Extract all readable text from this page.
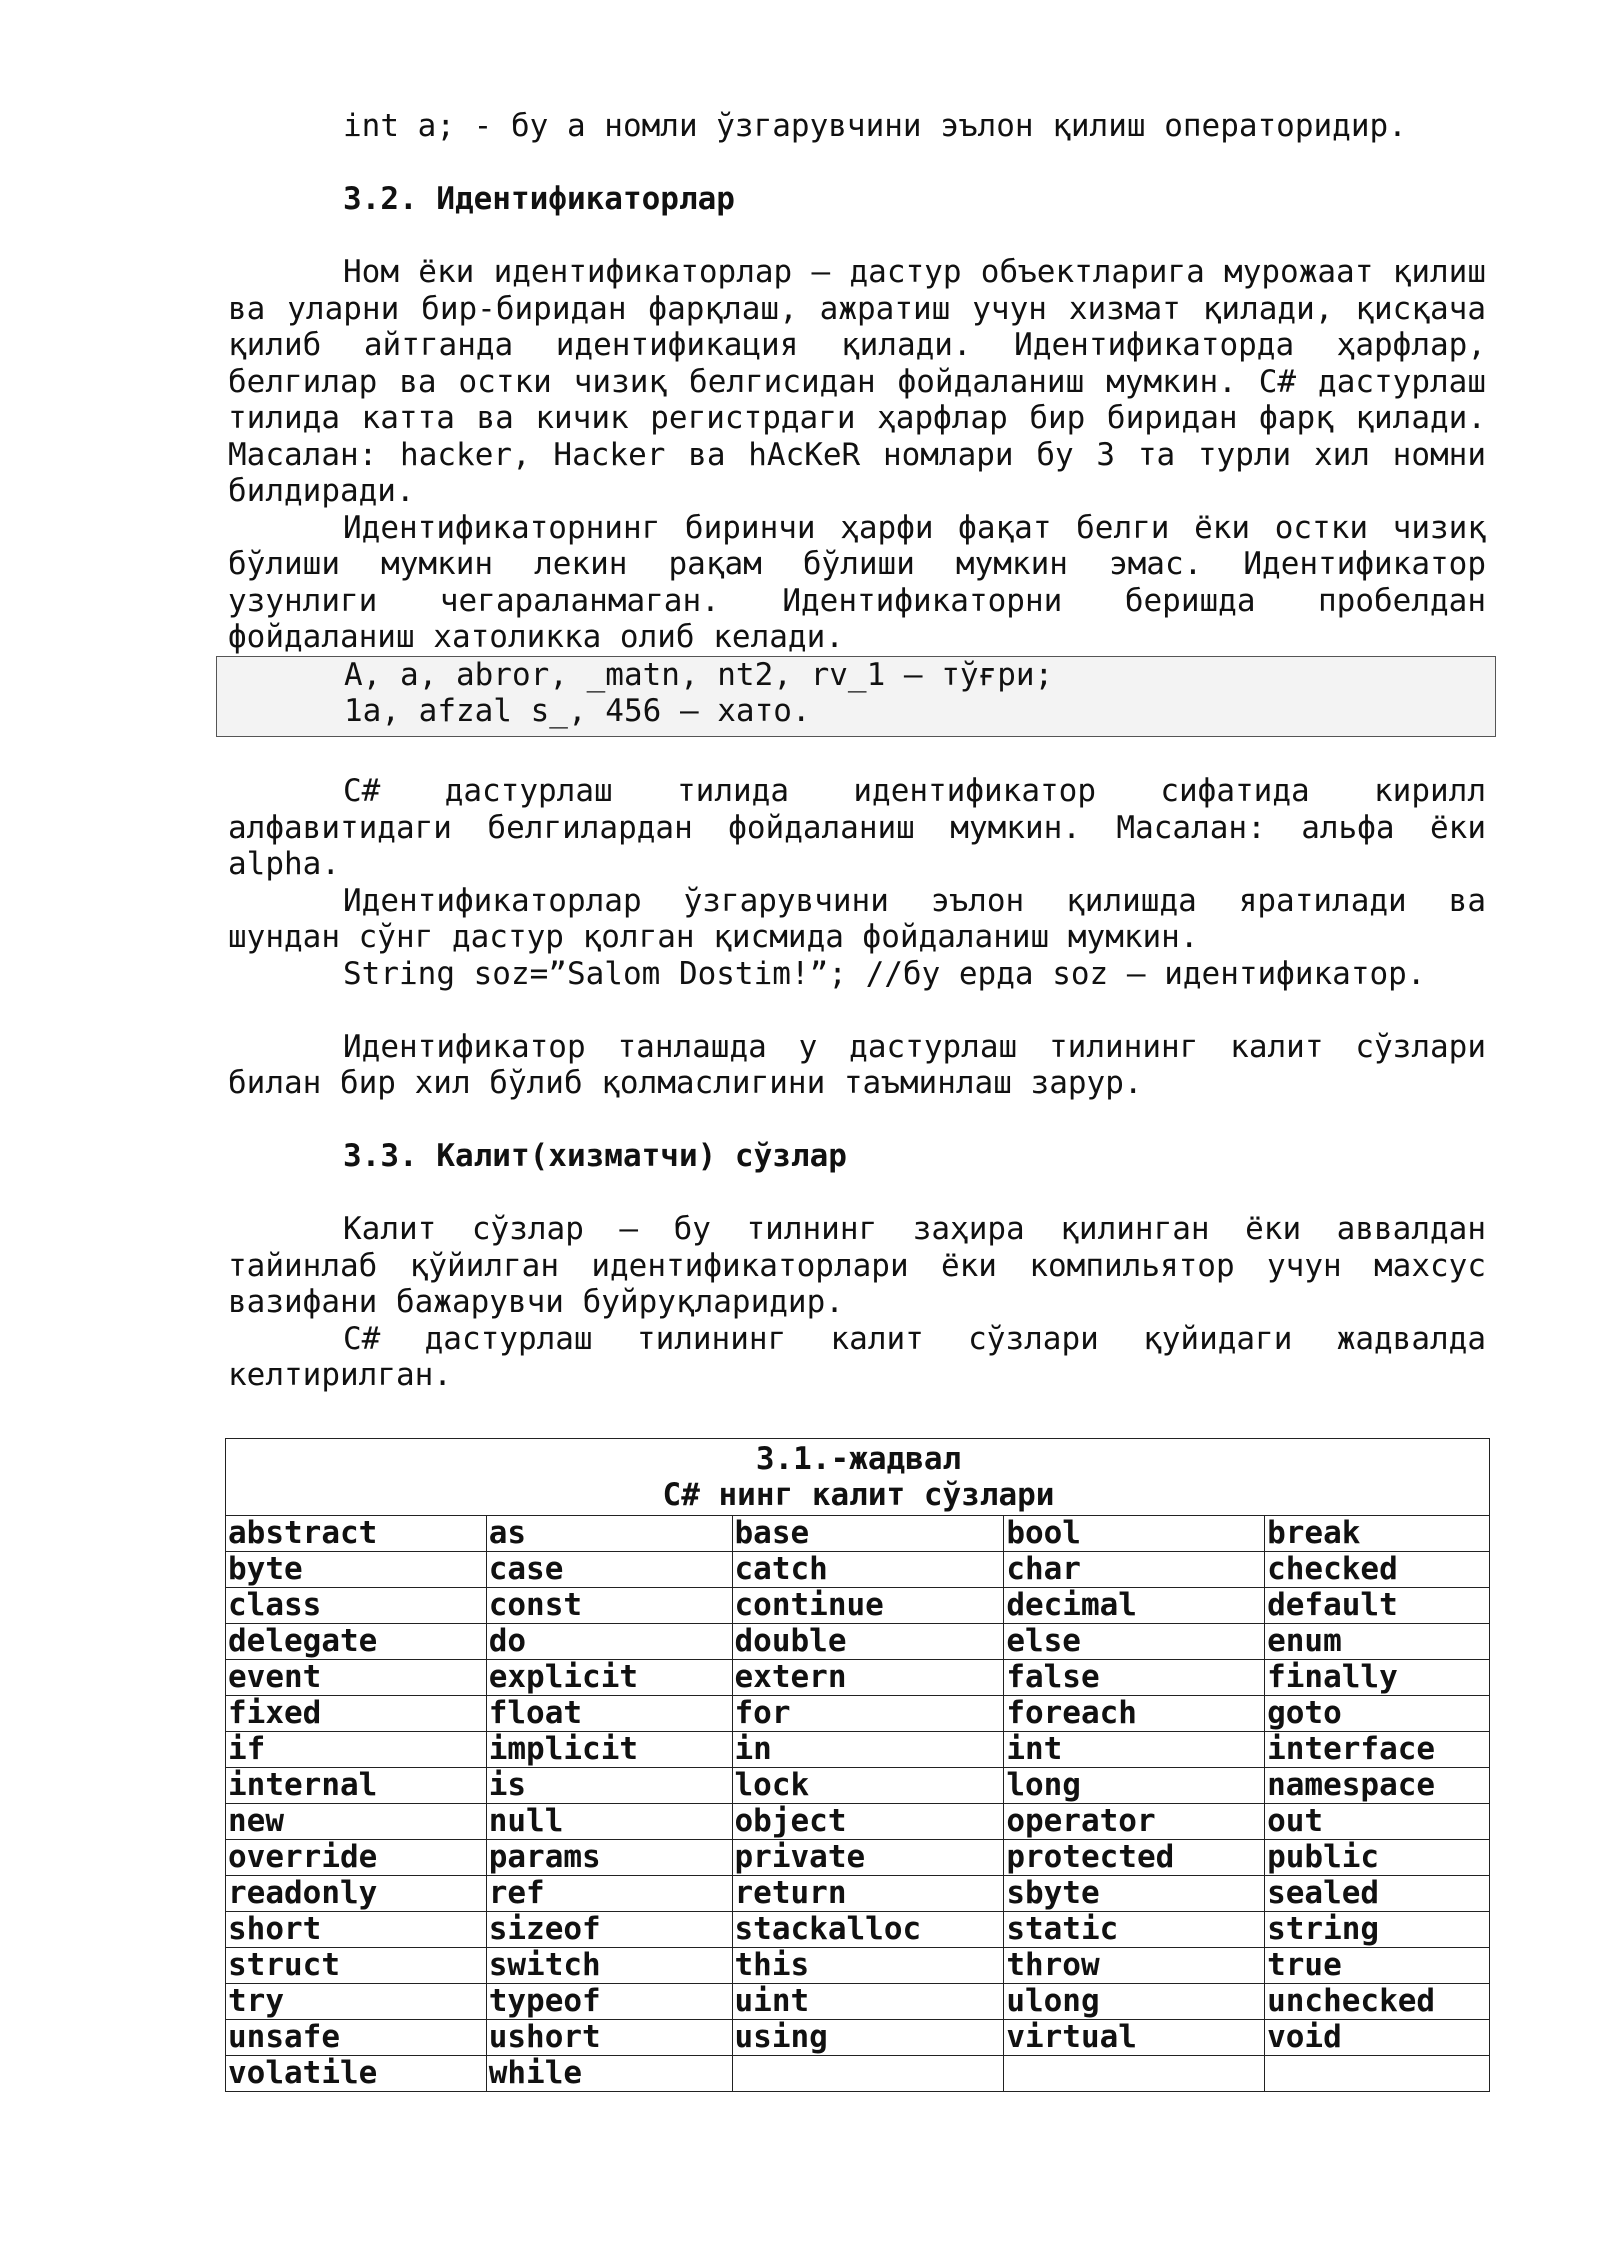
int a; - бу a номли ўзгарувчини эълон қилиш операторидир.

3.2. Идентификаторлар

Ном ёки идентификаторлар – дастур объектларига мурожаат қилиш ва уларни бир-биридан фарқлаш, ажратиш учун хизмат қилади, қисқача қилиб айтганда идентификация қилади. Идентификаторда ҳарфлар, белгилар ва остки чизиқ белгисидан фойдаланиш мумкин. C# дастурлаш тилида катта ва кичик регистрдаги ҳарфлар бир биридан фарқ қилади. Масалан: hacker, Hacker ва hAcKeR номлари бу 3 та турли хил номни билдиради.

Идентификаторнинг биринчи ҳарфи фақат белги ёки остки чизиқ бўлиши мумкин лекин рақам бўлиши мумкин эмас. Идентификатор узунлиги чегараланмаган. Идентификаторни беришда пробелдан фойдаланиш хатоликка олиб келади.

A, a, abror, _matn, nt2, rv_1 – тўғри;
1a, afzal s_, 456 – хато.

C# дастурлаш тилида идентификатор сифатида кирилл алфавитидаги белгилардан фойдаланиш мумкин. Масалан: альфа ёки alpha.

Идентификаторлар ўзгарувчини эълон қилишда яратилади ва шундан сўнг дастур қолган қисмида фойдаланиш мумкин.

String soz=”Salom Dostim!”; //бу ерда soz – идентификатор.

Идентификатор танлашда у дастурлаш тилининг калит сўзлари билан бир хил бўлиб қолмаслигини таъминлаш зарур.

3.3. Калит(хизматчи) сўзлар

Калит сўзлар – бу тилнинг заҳира қилинган ёки аввалдан тайинлаб қўйилган идентификаторлари ёки компильятор учун махсус вазифани бажарувчи буйруқларидир.

C# дастурлаш тилининг калит сўзлари қуйидаги жадвалда келтирилган.

3.1.-жадвал
C# нинг калит сўзлари				

abstract	as	base	bool	break
byte	case	catch	char	checked
class	const	continue	decimal	default
delegate	do	double	else	enum
event	explicit	extern	false	finally
fixed	float	for	foreach	goto
if	implicit	in	int	interface
internal	is	lock	long	namespace
new	null	object	operator	out
override	params	private	protected	public
readonly	ref	return	sbyte	sealed
short	sizeof	stackalloc	static	string
struct	switch	this	throw	true
try	typeof	uint	ulong	unchecked
unsafe	ushort	using	virtual	void
volatile	while			
